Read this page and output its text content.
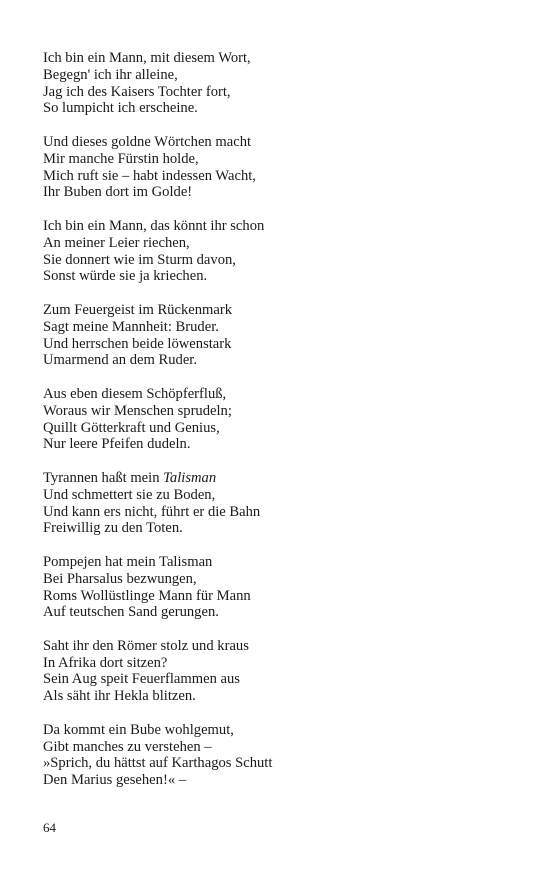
Ich bin ein Mann, mit diesem Wort,
Begegn' ich ihr alleine,
Jag ich des Kaisers Tochter fort,
So lumpicht ich erscheine.
Und dieses goldne Wörtchen macht
Mir manche Fürstin holde,
Mich ruft sie – habt indessen Wacht,
Ihr Buben dort im Golde!
Ich bin ein Mann, das könnt ihr schon
An meiner Leier riechen,
Sie donnert wie im Sturm davon,
Sonst würde sie ja kriechen.
Zum Feuergeist im Rückenmark
Sagt meine Mannheit: Bruder.
Und herrschen beide löwenstark
Umarmend an dem Ruder.
Aus eben diesem Schöpferfluß,
Woraus wir Menschen sprudeln;
Quillt Götterkraft und Genius,
Nur leere Pfeifen dudeln.
Tyrannen haßt mein Talisman
Und schmettert sie zu Boden,
Und kann ers nicht, führt er die Bahn
Freiwillig zu den Toten.
Pompejen hat mein Talisman
Bei Pharsalus bezwungen,
Roms Wollüstlinge Mann für Mann
Auf teutschen Sand gerungen.
Saht ihr den Römer stolz und kraus
In Afrika dort sitzen?
Sein Aug speit Feuerflammen aus
Als säht ihr Hekla blitzen.
Da kommt ein Bube wohlgemut,
Gibt manches zu verstehen –
»Sprich, du hättst auf Karthagos Schutt
Den Marius gesehen!« –
64
